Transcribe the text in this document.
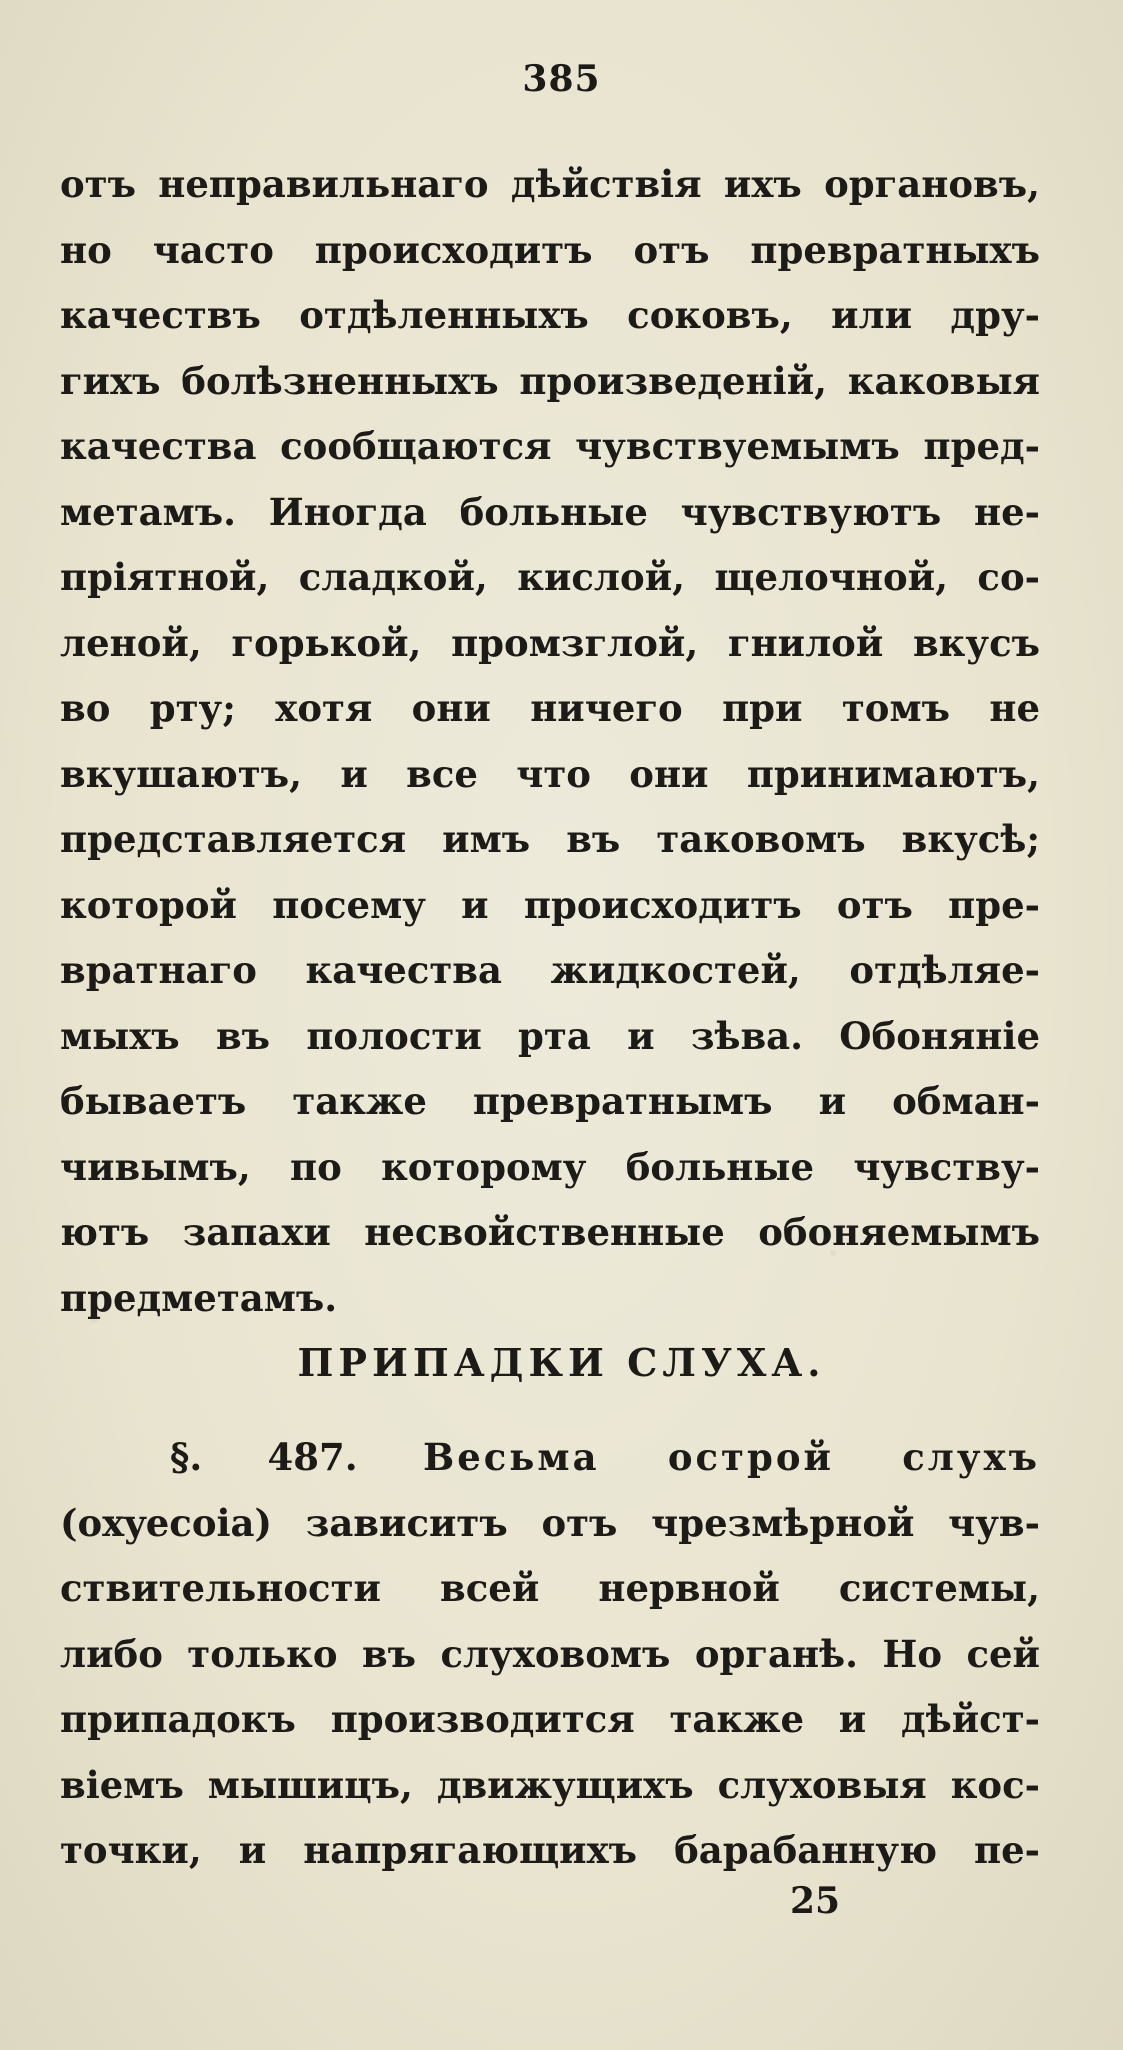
385
отъ неправильнаго дѣйствія ихъ органовъ,
но часто происходитъ отъ превратныхъ
качествъ отдѣленныхъ соковъ, или дру-
гихъ болѣзненныхъ произведеній, каковыя
качества сообщаются чувствуемымъ пред-
метамъ. Иногда больные чувствуютъ не-
пріятной, сладкой, кислой, щелочной, со-
леной, горькой, промзглой, гнилой вкусъ
во рту; хотя они ничего при томъ не
вкушаютъ, и все что они принимаютъ,
представляется имъ въ таковомъ вкусѣ;
которой посему и происходитъ отъ пре-
вратнаго качества жидкостей, отдѣляе-
мыхъ въ полости рта и зѣва. Обоняніе
бываетъ также превратнымъ и обман-
чивымъ, по которому больные чувству-
ютъ запахи несвойственные обоняемымъ
предметамъ.
ПРИПАДКИ СЛУХА.
§. 487. Весьма острой слухъ
(oxyecoia) зависитъ отъ чрезмѣрной чув-
ствительности всей нервной системы,
либо только въ слуховомъ органѣ. Но сей
припадокъ производится также и дѣйст-
віемъ мышицъ, движущихъ слуховыя кос-
точки, и напрягающихъ барабанную пе-
25
